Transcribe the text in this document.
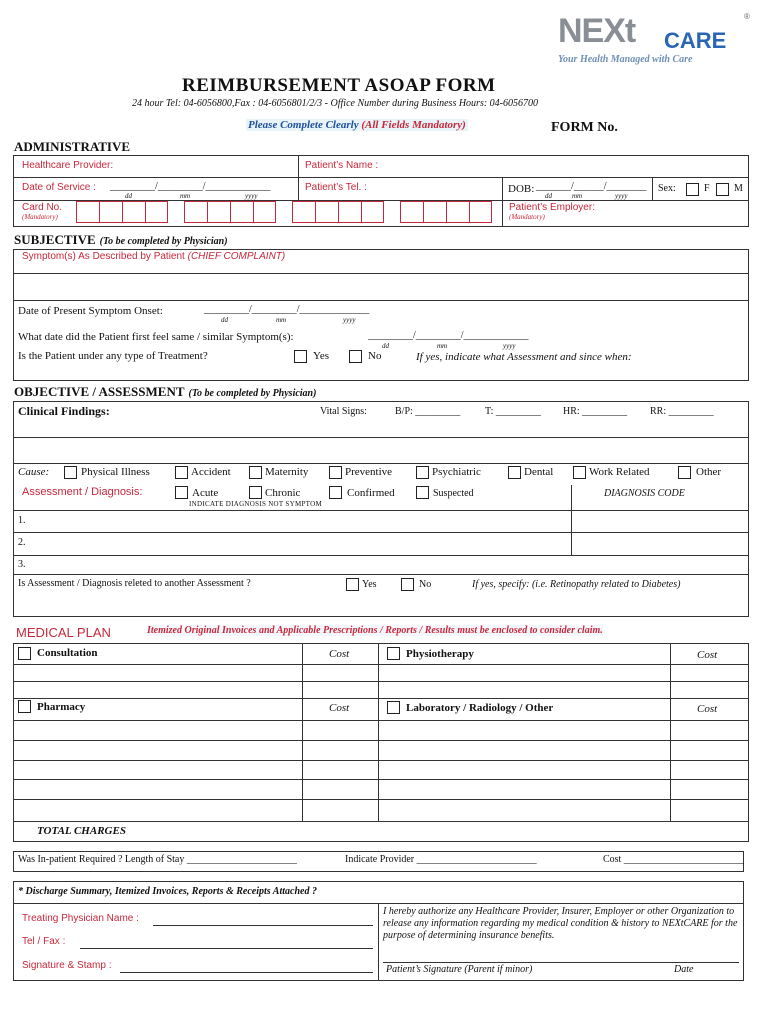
NEXt CARE
®
Your Health Managed with Care
REIMBURSEMENT ASOAP FORM
24 hour Tel: 04-6056800,Fax : 04-6056801/2/3 - Office Number during Business Hours: 04-6056700
Please Complete Clearly (All Fields Mandatory)	FORM No.
ADMINISTRATIVE
Healthcare Provider:	Patient’s Name :
Date of Service : _________/_________/_____________
dd	mm	yyyy
Patient’s Tel. :	DOB: _______/______/________
dd	mm	yyyy
Sex:	F M
Card No.
(Mandatory)
Patient’s Employer:
(Mandatory)
SUBJECTIVE (To be completed by Physician)
Symptom(s) As Described by Patient (CHIEF COMPLAINT)
Date of Present Symptom Onset:	_________/_________/______________
dd	mm	yyyy
What date did the Patient first feel same / similar Symptom(s):	_________/_________/_____________
dd	mm	yyyy
Is the Patient under any type of Treatment?	Yes	No	If yes, indicate what Assessment and since when:
OBJECTIVE / ASSESSMENT (To be completed by Physician)
Clinical Findings:	Vital Signs:	B/P: _________ T: _________ HR: _________ RR: _________
Cause:	Physical Illness	Accident	Maternity	Preventive	Psychiatric	Dental	Work Related	Other
Assessment / Diagnosis:	Acute	Chronic	Confirmed	Suspected	DIAGNOSIS CODE
INDICATE DIAGNOSIS NOT SYMPTOM
1.
2.
3.
Is Assessment / Diagnosis releted to another Assessment ?	Yes	No	If yes, specify: (i.e. Retinopathy related to Diabetes)
MEDICAL PLAN	Itemized Original Invoices and Applicable Prescriptions / Reports / Results must be enclosed to consider claim.
Consultation	Cost	Physiotherapy	Cost
Pharmacy	Cost	Laboratory / Radiology / Other	Cost
TOTAL CHARGES
Was In-patient Required ? Length of Stay ______________________	Indicate Provider ________________________	Cost ________________________
* Discharge Summary, Itemized Invoices, Reports & Receipts Attached ?
Treating Physician Name :
Tel / Fax :
Signature & Stamp :
I hereby authorize any Healthcare Provider, Insurer, Employer or other Organization to release any information regarding my medical condition & history to NEXtCARE for the purpose of determining insurance benefits.
Patient’s Signature (Parent if minor)	Date
